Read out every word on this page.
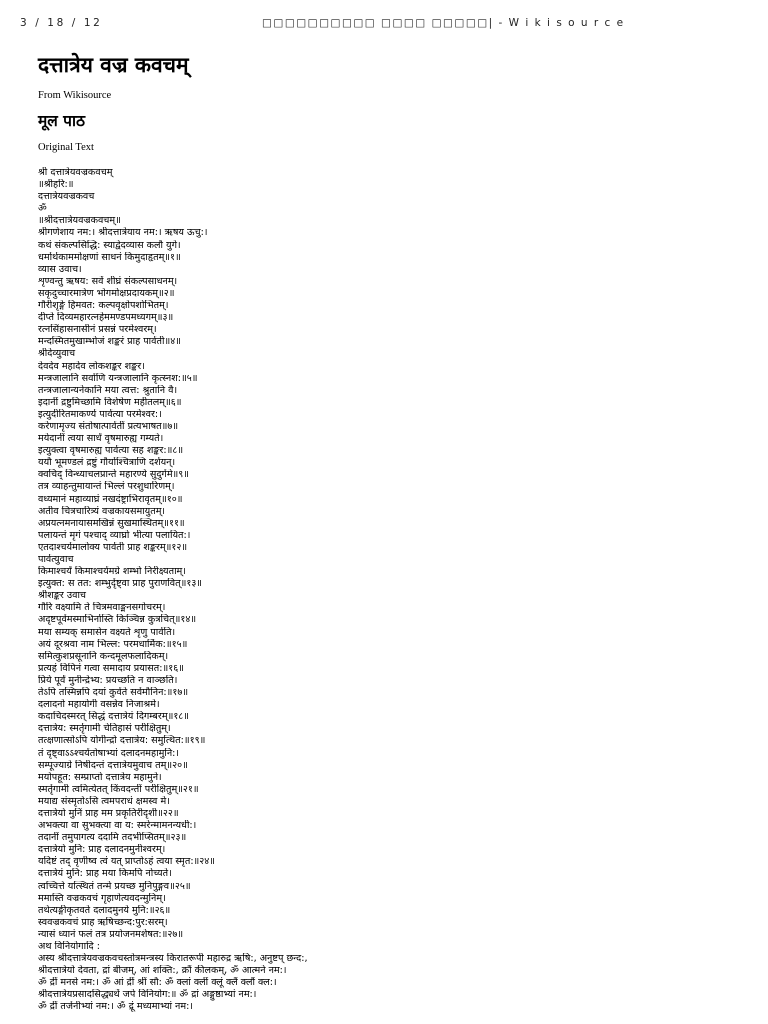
3 / 18 / 12	□□□□□□□□□□ □□□□ □□□□□| - W i k i s o u r c e
दत्तात्रेय वज्र कवचम्
From Wikisource
मूल पाठ
Original Text
श्री दत्तात्रेयवज्रकवचम्
॥श्रीहरि:॥
दत्तात्रेयवज्रकवच
ॐ
॥श्रीदत्तात्रेयवज्रकवचम्॥
श्रीगणेशाय नम:। श्रीदत्तात्रेयाय नम:। ऋषय ऊचु:।
कथं संकल्पसिद्धि: स्याद्वेदव्यास कलौ युगे।
धर्मार्थकाममोक्षणां साधनं किमुदाहृतम्॥१॥
व्यास उवाच।
शृण्वन्तु ऋषय: सर्वे शीघ्रं संकल्पसाधनम्।
सकृदुच्चारमात्रेण भोगमोक्षप्रदायकम्॥२॥
गौरीश‍ृङ्गे हिमवत: कल्पवृक्षोपशोभितम्।
दीप्ते दिव्यमहारत्नहेममण्डपमध्यगम्॥३॥
रत्नसिंहासनासीनं प्रसन्नं परमेश्वरम्।
मन्दस्मितमुखाम्भोजं शङ्करं प्राह पार्वती॥४॥
श्रीदेव्युवाच
देवदेव महादेव लोकशङ्कर शङ्कर।
मन्त्रजालानि सर्वाणि यन्त्रजालानि कृत्स्नश:॥५॥
तन्त्रजालान्यनेकानि मया त्वत्त: श्रुतानि वै।
इदानीं द्रष्टुमिच्छामि विशेषेण महीतलम्॥६॥
इत्युदीरितमाकर्ण्य पार्वत्या परमेश्वर:।
करेणामृज्य संतोषात्पार्वतीं प्रत्यभाषत॥७॥
मयेदानीं त्वया सार्धं वृषमारुह्य गम्यते।
इत्युक्त्वा वृषमारुह्य पार्वत्या सह शङ्कर:॥८॥
ययौ भूमण्डलं द्रष्टुं गौर्याश्चित्राणि दर्शयन्।
क्वचिद् विन्ध्याचलप्रान्ते महारण्ये सुदुर्गमे॥९॥
तत्र व्याहन्तुमायान्तं भिल्लं परशुधारिणम्।
वध्यमानं महाव्याघ्रं नखदंष्ट्राभिरावृतम्॥१०॥
अतीव चित्रचारित्र्यं वज्रकायसमायुतम्।
अप्रयत्नमनायासमखिन्नं सुखमास्थितम्॥११॥
पलायन्तं मृगं पश्चाद् व्याघ्रो भीत्या पलायित:।
एतदाश्चर्यमालोक्य पार्वती प्राह शङ्करम्॥१२॥
पार्वत्युवाच
किमाश्चर्यं किमाश्चर्यमग्रे शम्भो निरीक्ष्यताम्।
इत्युक्त: स तत: शम्भुर्दृष्ट्वा प्राह पुराणवित्॥१३॥
श्रीशङ्कर उवाच
गौरि वक्ष्यामि ते चित्रमवाङ्मनसगोचरम्।
अदृष्टपूर्वमस्माभिर्नास्ति किञ्चिन्न कुत्रचित्॥१४॥
मया सम्यक् समासेन वक्ष्यते शृणु पार्वति।
अयं दूरश्रवा नाम भिल्ल: परमधार्मिक:॥१५॥
समित्कुशप्रसूनानि कन्दमूलफलादिकम्।
प्रत्यहं विपिनं गत्वा समादाय प्रयासत:॥१६॥
प्रिये पूर्वं मुनीन्द्रेभ्य: प्रयच्छति न वाञ्छति।
तेऽपि तस्मिन्नपि दयां कुर्वते सर्वमौनिन:॥१७॥
दलादनो महायोगी वसन्नेव निजाश्रमे।
कदाचिदस्मरत् सिद्धं दत्तात्रेयं दिगम्बरम्॥१८॥
दत्तात्रेय: स्मर्तृगामी चेतिहासं परीक्षितुम्।
तत्क्षणात्सोऽपि योगीन्द्रो दत्तात्रेय: समुत्थित:॥१९॥
तं दृष्ट्वाऽऽश्चर्यतोषाभ्यां दलादनमहामुनि:।
सम्पूज्याग्रे निषीदन्तं दत्तात्रेयमुवाच तम्॥२०॥
मयोपहूत: सम्प्राप्तो दत्तात्रेय महामुने।
स्मर्तृगामी त्वमित्येतत् किंवदन्तीं परीक्षितुम्॥२१॥
मयाद्य संस्मृतोऽसि त्वमपराधं क्षमस्व मे।
दत्तात्रेयो मुनिं प्राह मम प्रकृतिरीदृशी॥२२॥
अभक्त्या वा सुभक्त्या वा य: स्मरेन्मामनन्यधी:।
तदानीं तमुपागत्य ददामि तदभीप्सितम्॥२३॥
दत्तात्रेयो मुनि: प्राह दलादनमुनीश्वरम्।
यदिष्टं तद् वृणीष्व त्वं यत् प्राप्तोऽहं त्वया स्मृत:॥२४॥
दत्तात्रेयं मुनि: प्राह मया किमपि नोच्यते।
त्वच्चित्ते यत्स्थितं तन्मे प्रयच्छ मुनिपुङ्गव॥२५॥
ममास्ति वज्रकवचं गृहाणेत्यवदन्मुनिम्।
तथेत्यङ्गीकृतवते दलादमुनये मुनि:॥२६॥
स्ववज्रकवचं प्राह ऋषिच्छन्द:पुर:सरम्।
न्यासं ध्यानं फलं तत्र प्रयोजनमशेषत:॥२७॥
अथ विनियोगादि :
अस्य श्रीदत्तात्रेयवज्रकवचस्तोत्रमन्त्रस्य किरातरूपी महारुद्र ऋषि:, अनुष्टप् छन्द:,
श्रीदत्तात्रेयो देवता, द्रां बीजम्, आं शक्ति:, क्रौं कीलकम्, ॐ आत्मने नम:।
ॐ द्रीं मनसे नम:। ॐ आं द्रीं श्रीं सौ: ॐ क्लां क्लीं क्लूं क्लैं क्लौं क्ल:।
श्रीदत्तात्रेयप्रसादसिद्ध्यर्थे जपे विनियोग:॥ ॐ द्रां अङ्गुष्ठाभ्यां नम:।
ॐ द्रीं तर्जनीभ्यां नम:। ॐ द्रूं मध्यमाभ्यां नम:।
